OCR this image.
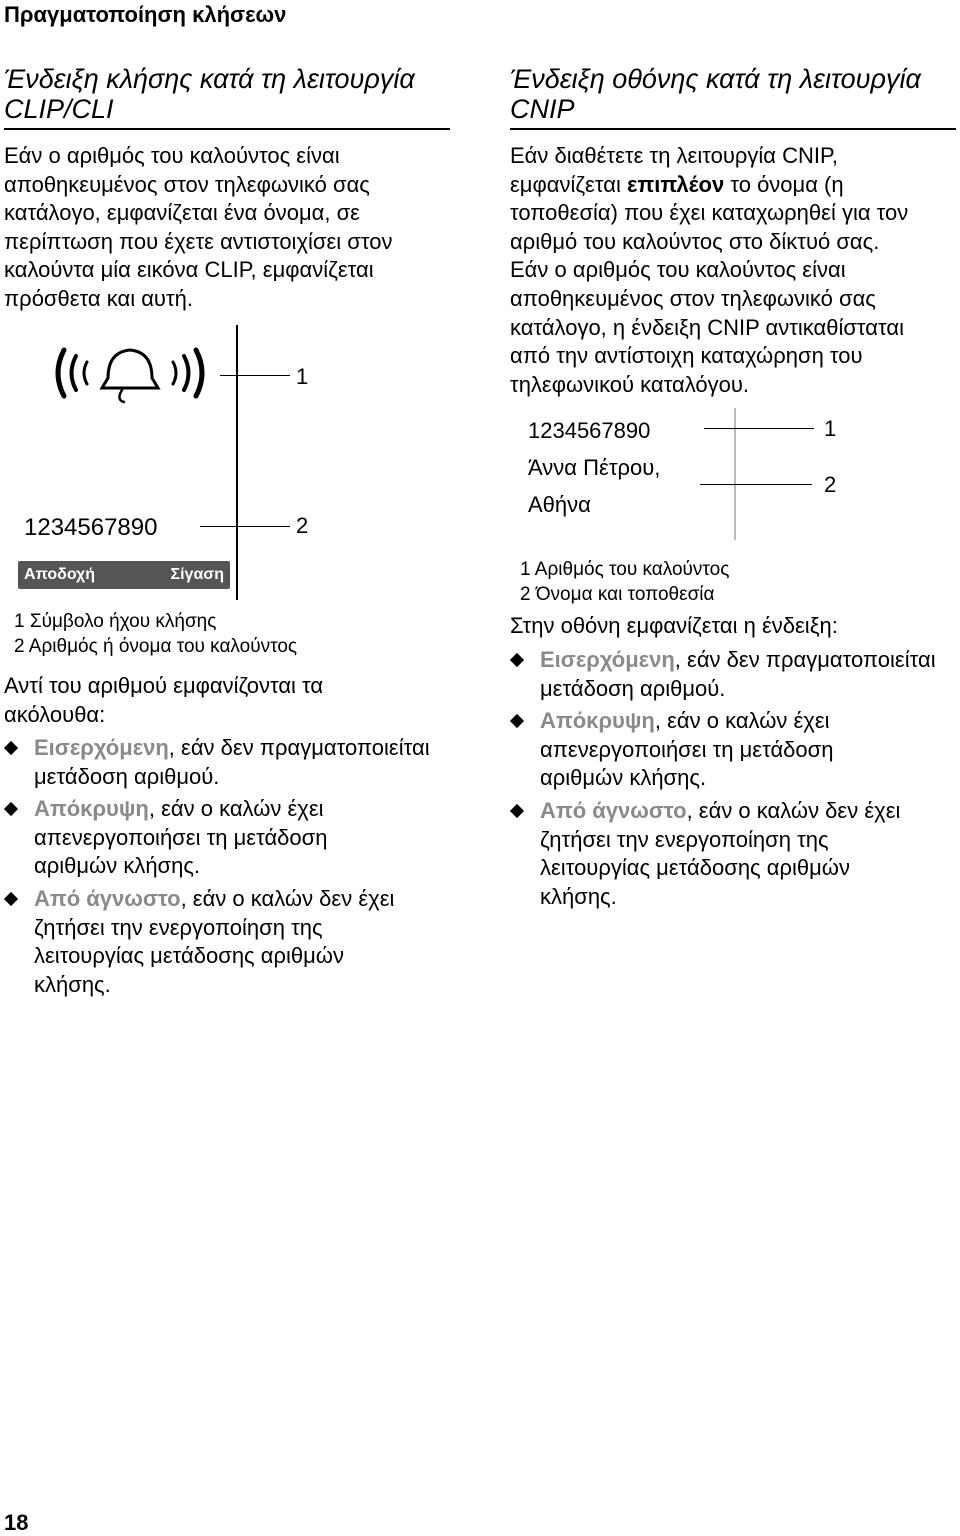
Πραγματοποίηση κλήσεων
Ένδειξη κλήσης κατά τη λειτουργία
CLIP/CLI
Εάν ο αριθμός του καλούντος είναι
αποθηκευμένος στον τηλεφωνικό σας
κατάλογο, εμφανίζεται ένα όνομα, σε
περίπτωση που έχετε αντιστοιχίσει στον
καλούντα μία εικόνα CLIP, εμφανίζεται
πρόσθετα και αυτή.
1
1234567890	2
Αποδοχή	Σίγαση
1 Σύμβολο ήχου κλήσης
2 Αριθμός ή όνομα του καλούντος
Αντί του αριθμού εμφανίζονται τα
ακόλουθα:
Εισερχόμενη, εάν δεν πραγματοποιείται
μετάδοση αριθμού.
Απόκρυψη, εάν ο καλών έχει
απενεργοποιήσει τη μετάδοση
αριθμών κλήσης.
Από άγνωστο, εάν ο καλών δεν έχει
ζητήσει την ενεργοποίηση της
λειτουργίας μετάδοσης αριθμών
κλήσης.
Ένδειξη οθόνης κατά τη λειτουργία
CNIP
Εάν διαθέτετε τη λειτουργία CNIP,
εμφανίζεται επιπλέον το όνομα (η
τοποθεσία) που έχει καταχωρηθεί για τον
αριθμό του καλούντος στο δίκτυό σας.
Εάν ο αριθμός του καλούντος είναι
αποθηκευμένος στον τηλεφωνικό σας
κατάλογο, η ένδειξη CNIP αντικαθίσταται
από την αντίστοιχη καταχώρηση του
τηλεφωνικού καταλόγου.
1234567890
Άννα Πέτρου,
Αθήνα
1
2
1 Αριθμός του καλούντος
2 Όνομα και τοποθεσία
Στην οθόνη εμφανίζεται η ένδειξη:
Εισερχόμενη, εάν δεν πραγματοποιείται
μετάδοση αριθμού.
Απόκρυψη, εάν ο καλών έχει
απενεργοποιήσει τη μετάδοση
αριθμών κλήσης.
Από άγνωστο, εάν ο καλών δεν έχει
ζητήσει την ενεργοποίηση της
λειτουργίας μετάδοσης αριθμών
κλήσης.
18
